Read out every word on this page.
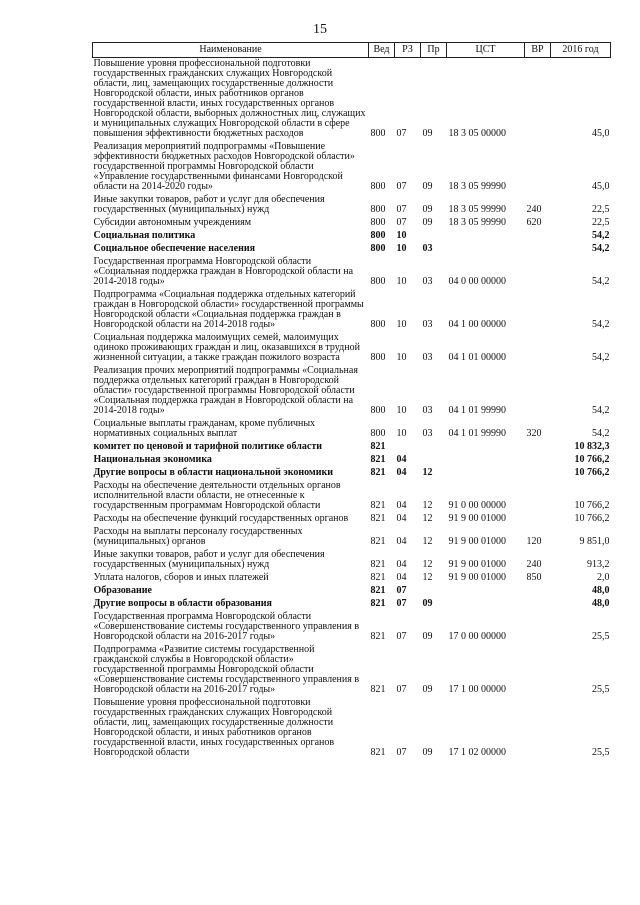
15
Наименование	Вед	РЗ	Пр	ЦСТ	ВР	2016 год
Повышение уровня профессиональной подготовки государственных гражданских служащих Новгородской области, лиц, замещающих государственные должности Новгородской области, иных работников органов государственной власти, иных государственных органов Новгородской области, выборных должностных лиц, служащих и муниципальных служащих Новгородской области в сфере повышения эффективности бюджетных расходов	800	07	09	18 3 05 00000		45,0
Реализация мероприятий подпрограммы «Повышение эффективности бюджетных расходов Новгородской области» государственной программы Новгородской области «Управление государственными финансами Новгородской области на 2014-2020 годы»	800	07	09	18 3 05 99990		45,0
Иные закупки товаров, работ и услуг для обеспечения государственных (муниципальных) нужд	800	07	09	18 3 05 99990	240	22,5
Субсидии автономным учреждениям	800	07	09	18 3 05 99990	620	22,5
Социальная политика	800	10				54,2
Социальное обеспечение населения	800	10	03			54,2
Государственная программа Новгородской области «Социальная поддержка граждан в Новгородской области на 2014-2018 годы»	800	10	03	04 0 00 00000		54,2
Подпрограмма «Социальная поддержка отдельных категорий граждан в Новгородской области» государственной программы Новгородской области «Социальная поддержка граждан в Новгородской области на 2014-2018 годы»	800	10	03	04 1 00 00000		54,2
Социальная поддержка малоимущих семей, малоимущих одиноко проживающих граждан и лиц, оказавшихся в трудной жизненной ситуации, а также граждан пожилого возраста	800	10	03	04 1 01 00000		54,2
Реализация прочих мероприятий подпрограммы «Социальная поддержка отдельных категорий граждан в Новгородской области» государственной программы Новгородской области «Социальная поддержка граждан в Новгородской области на 2014-2018 годы»	800	10	03	04 1 01 99990		54,2
Социальные выплаты гражданам, кроме публичных нормативных социальных выплат	800	10	03	04 1 01 99990	320	54,2
комитет по ценовой и тарифной политике области	821					10 832,3
Национальная экономика	821	04				10 766,2
Другие вопросы в области национальной экономики	821	04	12			10 766,2
Расходы на обеспечение деятельности отдельных органов исполнительной власти области, не отнесенные к государственным программам Новгородской области	821	04	12	91 0 00 00000		10 766,2
Расходы на обеспечение функций государственных органов	821	04	12	91 9 00 01000		10 766,2
Расходы на выплаты персоналу государственных (муниципальных) органов	821	04	12	91 9 00 01000	120	9 851,0
Иные закупки товаров, работ и услуг для обеспечения государственных (муниципальных) нужд	821	04	12	91 9 00 01000	240	913,2
Уплата налогов, сборов и иных платежей	821	04	12	91 9 00 01000	850	2,0
Образование	821	07				48,0
Другие вопросы в области образования	821	07	09			48,0
Государственная программа Новгородской области «Совершенствование системы государственного управления в Новгородской области на 2016-2017 годы»	821	07	09	17 0 00 00000		25,5
Подпрограмма «Развитие системы государственной гражданской службы в Новгородской области» государственной программы Новгородской области «Совершенствование системы государственного управления в Новгородской области на 2016-2017 годы»	821	07	09	17 1 00 00000		25,5
Повышение уровня профессиональной подготовки государственных гражданских служащих Новгородской области, лиц, замещающих государственные должности Новгородской области, и иных работников органов государственной власти, иных государственных органов Новгородской области	821	07	09	17 1 02 00000		25,5
